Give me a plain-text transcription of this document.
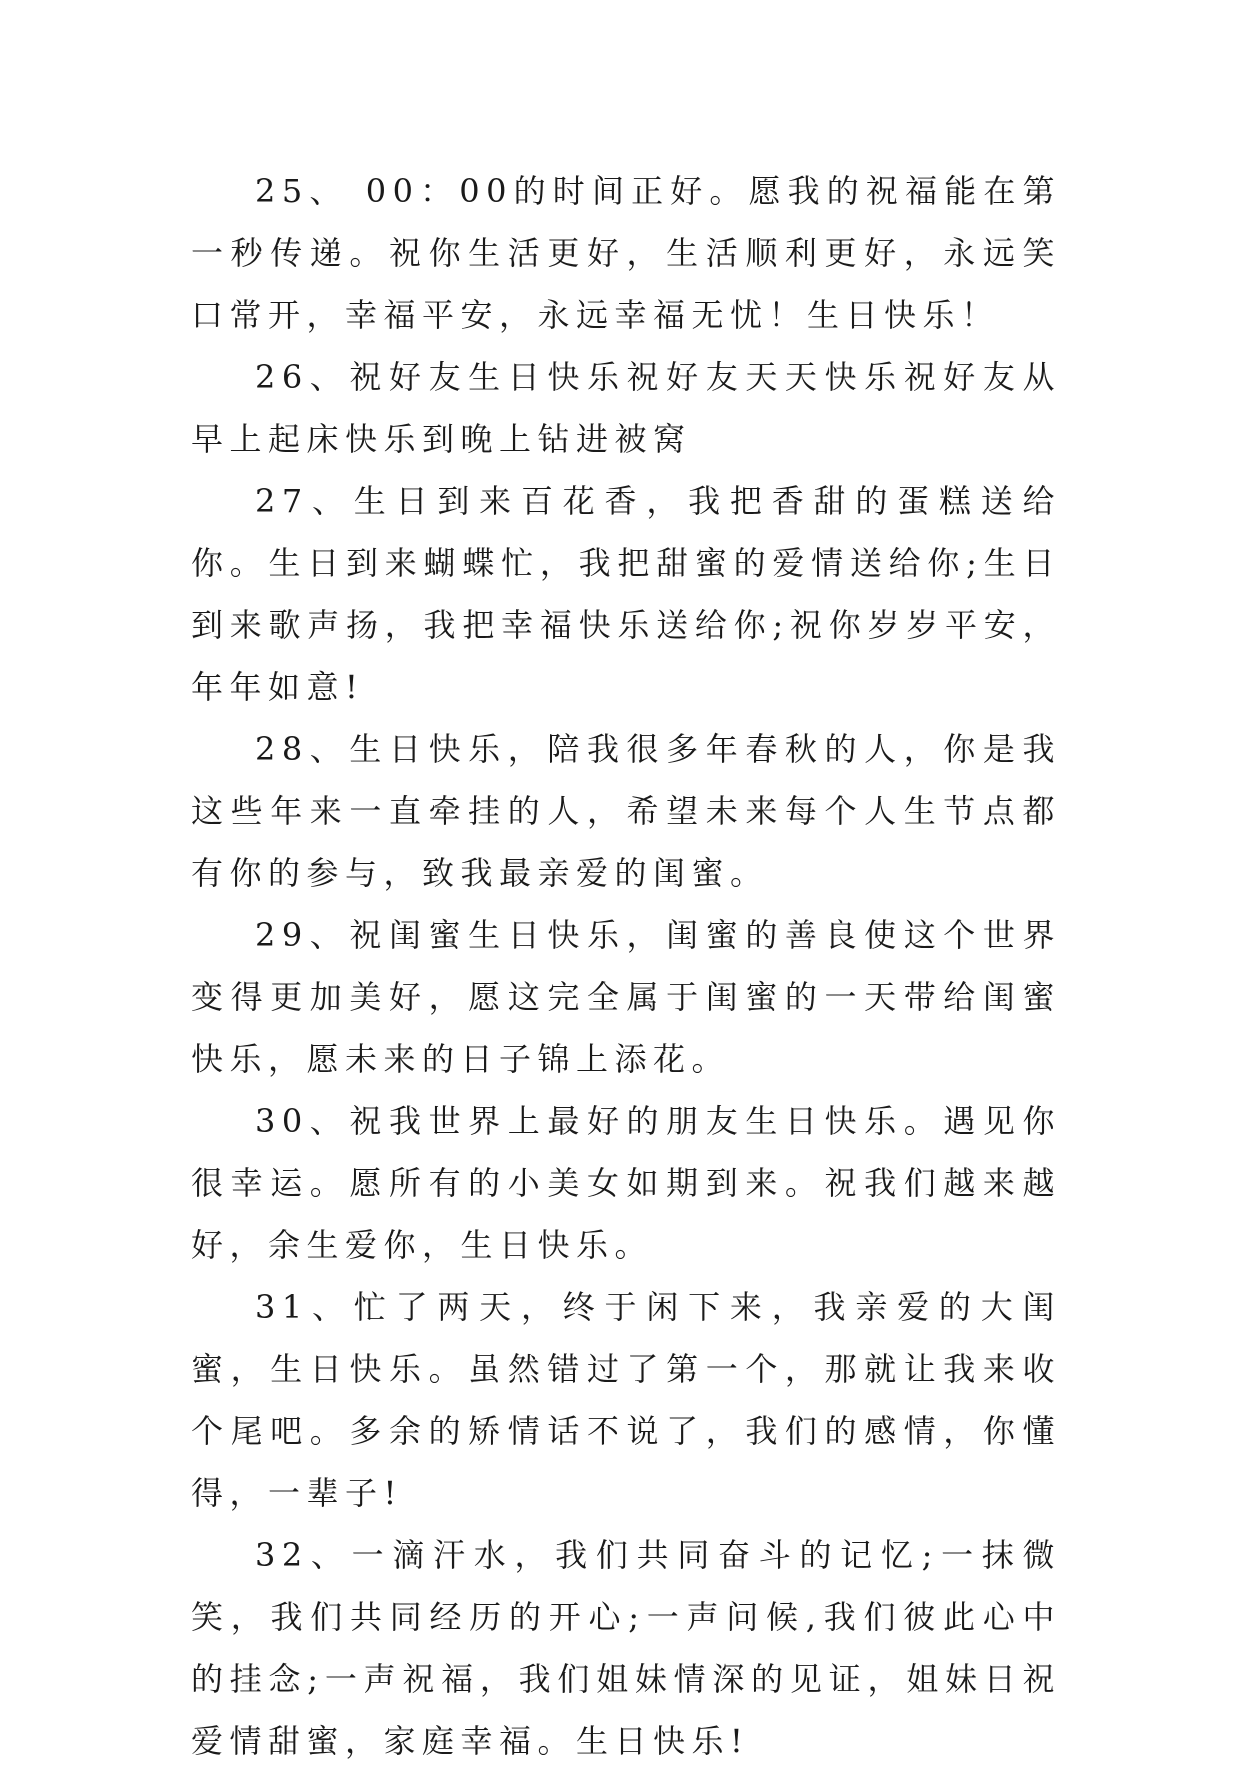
25、 00：00的时间正好。愿我的祝福能在第一秒传递。祝你生活更好，生活顺利更好，永远笑口常开，幸福平安，永远幸福无忧！生日快乐！

26、祝好友生日快乐祝好友天天快乐祝好友从早上起床快乐到晚上钻进被窝

27、生日到来百花香，我把香甜的蛋糕送给你。生日到来蝴蝶忙，我把甜蜜的爱情送给你;生日到来歌声扬，我把幸福快乐送给你;祝你岁岁平安，年年如意!

28、生日快乐，陪我很多年春秋的人，你是我这些年来一直牵挂的人，希望未来每个人生节点都有你的参与，致我最亲爱的闺蜜。

29、祝闺蜜生日快乐，闺蜜的善良使这个世界变得更加美好，愿这完全属于闺蜜的一天带给闺蜜快乐，愿未来的日子锦上添花。

30、祝我世界上最好的朋友生日快乐。遇见你很幸运。愿所有的小美女如期到来。祝我们越来越好，余生爱你，生日快乐。

31、忙了两天，终于闲下来，我亲爱的大闺蜜，生日快乐。虽然错过了第一个，那就让我来收个尾吧。多余的矫情话不说了，我们的感情，你懂得，一辈子!

32、一滴汗水，我们共同奋斗的记忆;一抹微笑，我们共同经历的开心;一声问候,我们彼此心中的挂念;一声祝福，我们姐妹情深的见证，姐妹日祝爱情甜蜜，家庭幸福。生日快乐!
